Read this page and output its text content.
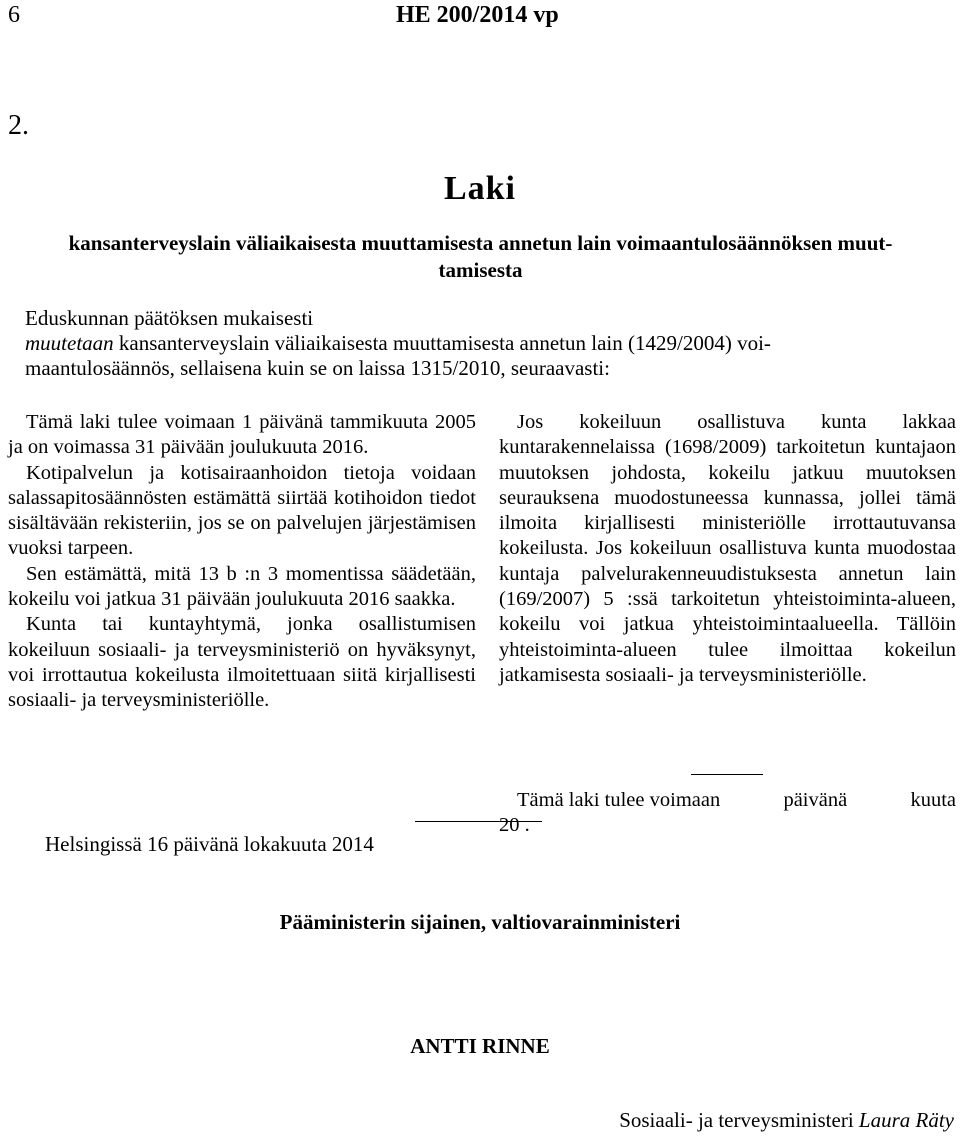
6	HE 200/2014 vp
2.
Laki
kansanterveyslain väliaikaisesta muuttamisesta annetun lain voimaantulosäännöksen muut-
tamisesta

Eduskunnan päätöksen mukaisesti

muutetaan kansanterveyslain väliaikaisesta muuttamisesta annetun lain (1429/2004) voi-

maantulosäännös, sellaisena kuin se on laissa 1315/2010, seuraavasti:

Tämä laki tulee voimaan 1 päivänä tammikuuta 2005 ja on voimassa 31 päivään joulukuuta 2016.

Kotipalvelun ja kotisairaanhoidon tietoja voidaan salassapitosäännösten estämättä siirtää kotihoidon tiedot sisältävään rekisteriin, jos se on palvelujen järjestämisen vuoksi tarpeen.

Sen estämättä, mitä 13 b :n 3 momentissa säädetään, kokeilu voi jatkua 31 päivään joulukuuta 2016 saakka.

Kunta tai kuntayhtymä, jonka osallistumisen kokeiluun sosiaali- ja terveysministeriö on hyväksynyt, voi irrottautua kokeilusta ilmoitettuaan siitä kirjallisesti sosiaali- ja terveysministeriölle.

Jos kokeiluun osallistuva kunta lakkaa kuntarakennelaissa (1698/2009) tarkoitetun kuntajaon muutoksen johdosta, kokeilu jatkuu muutoksen seurauksena muodostuneessa kunnassa, jollei tämä ilmoita kirjallisesti ministeriölle irrottautuvansa kokeilusta. Jos kokeiluun osallistuva kunta muodostaa kuntaja palvelurakenneuudistuksesta annetun lain (169/2007) 5 :ssä tarkoitetun yhteistoiminta-alueen, kokeilu voi jatkua yhteistoimintaalueella. Tällöin yhteistoiminta-alueen tulee ilmoittaa kokeilun jatkamisesta sosiaali- ja terveysministeriölle.

Tämä laki tulee voimaan	päivänä	kuuta
20 .
Helsingissä 16 päivänä lokakuuta 2014
Pääministerin sijainen, valtiovarainministeri
ANTTI RINNE
Sosiaali- ja terveysministeri Laura Räty
